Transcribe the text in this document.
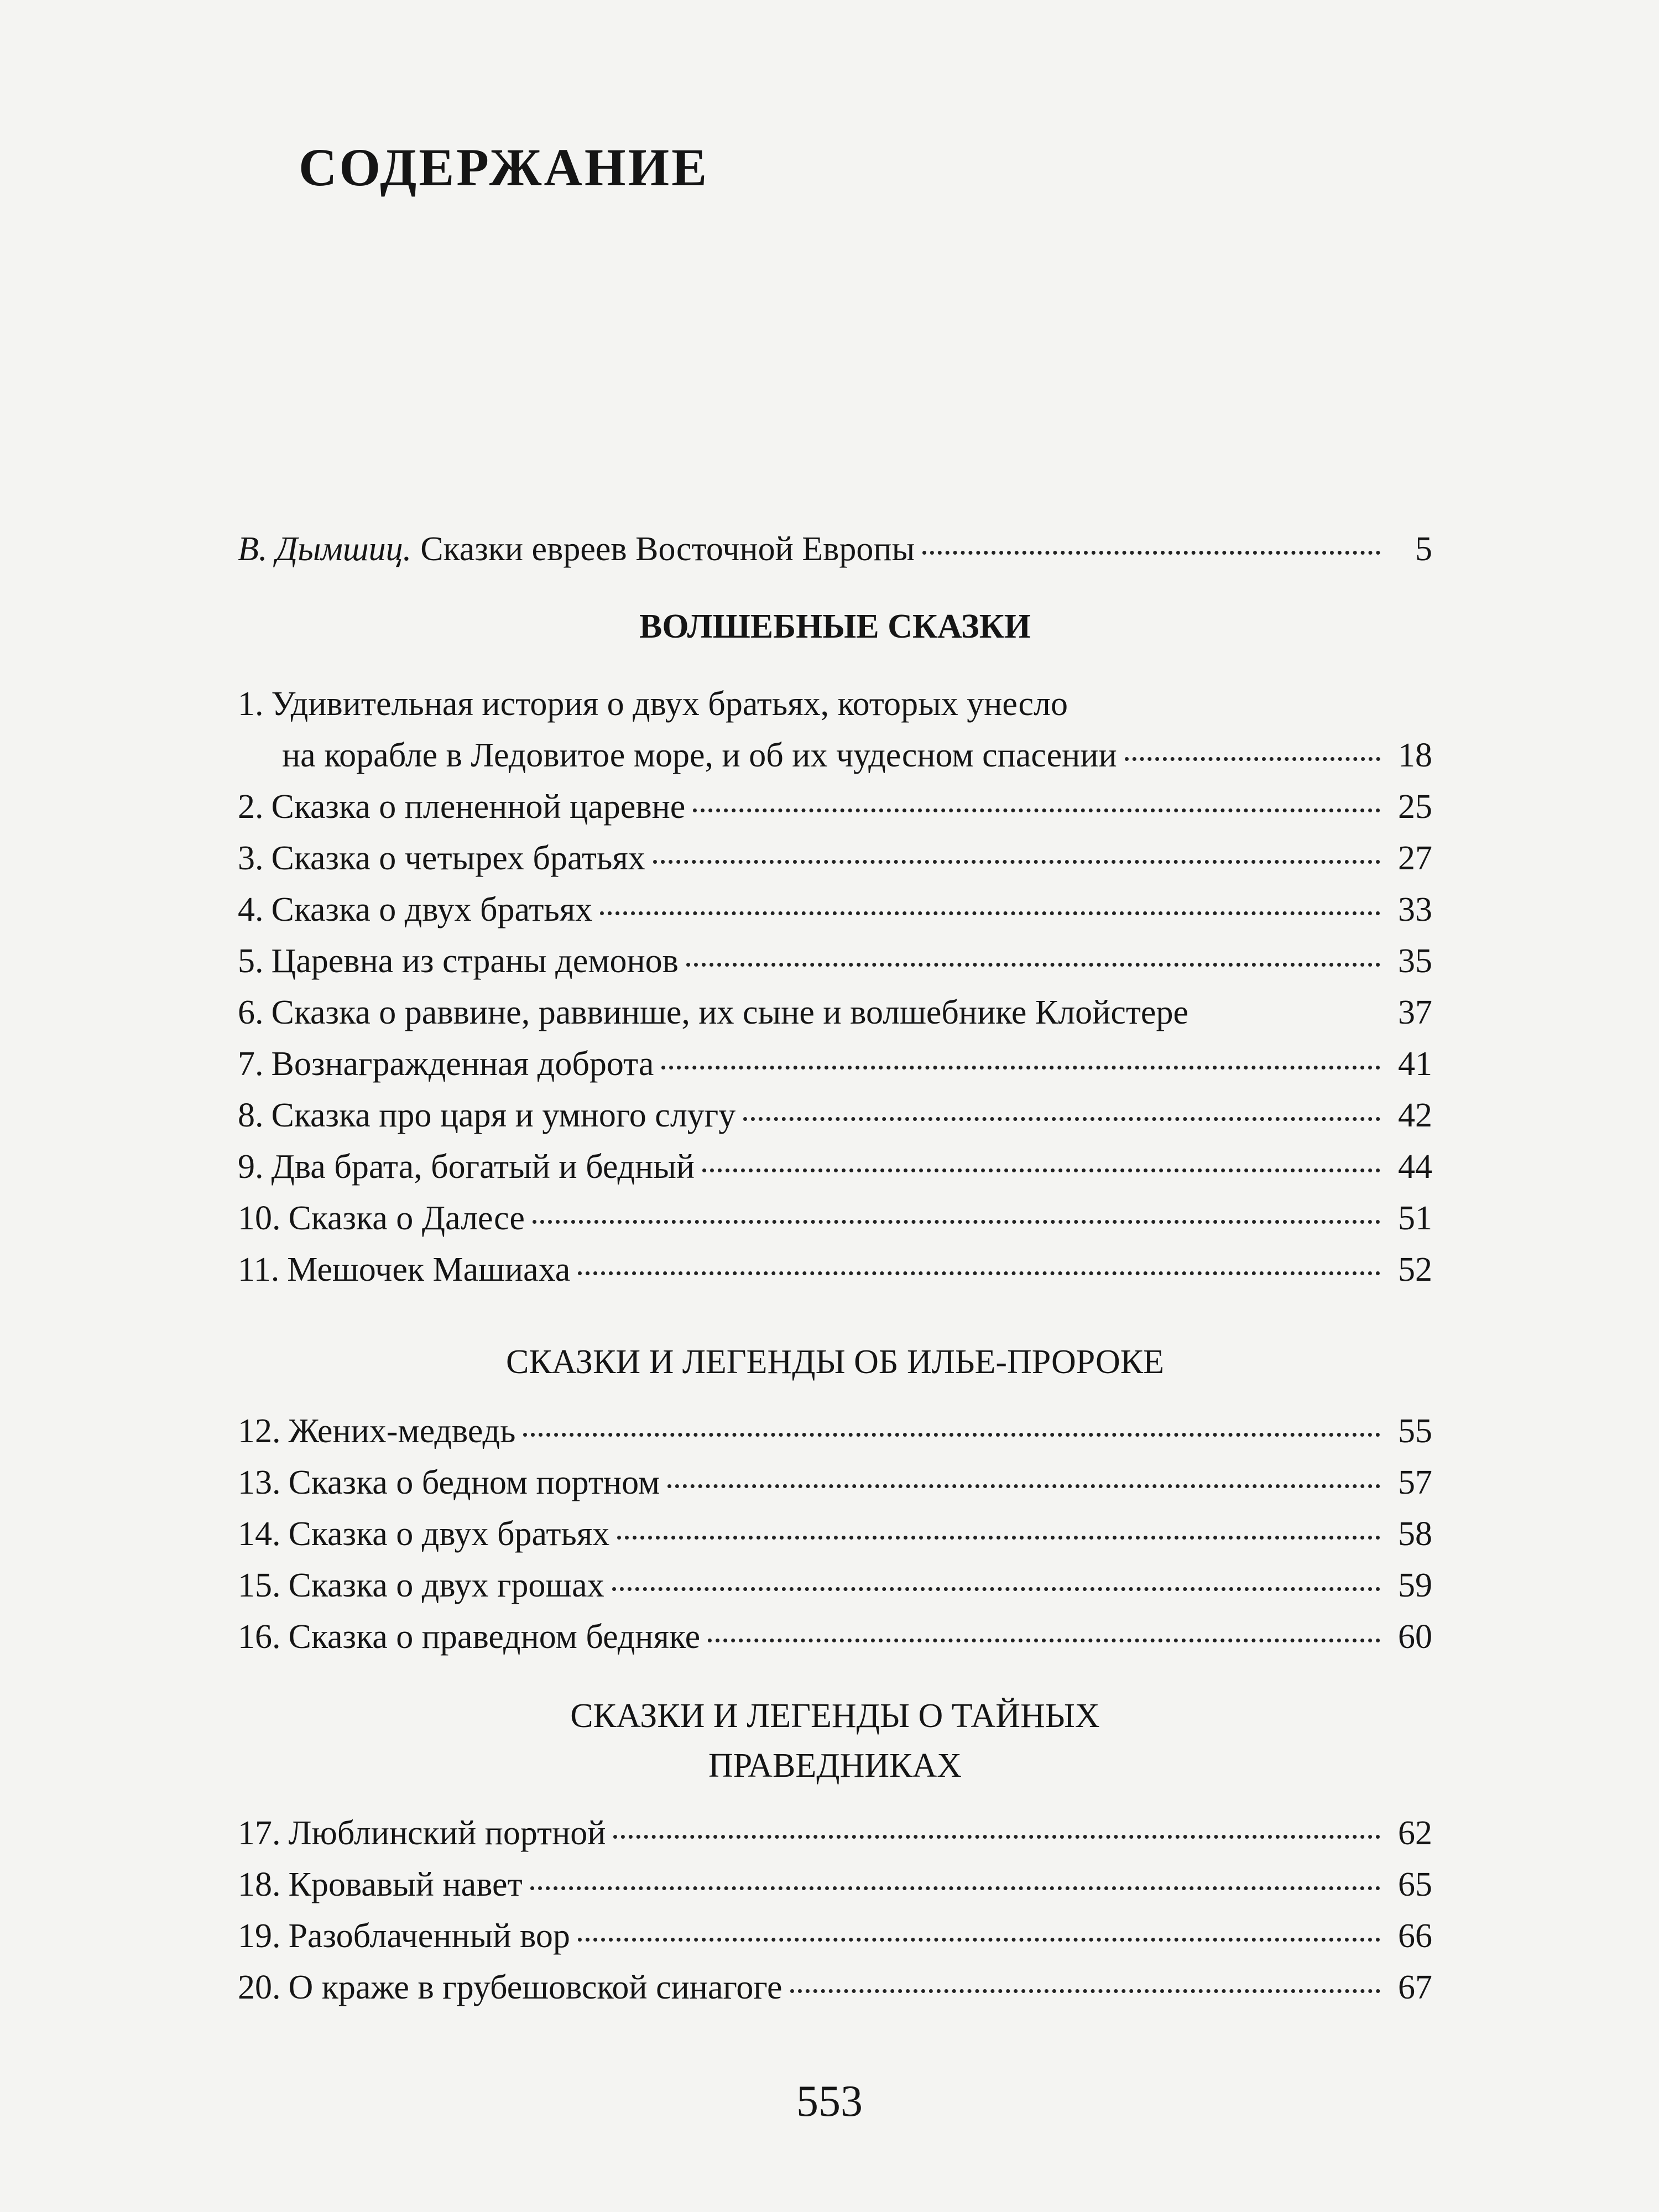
СОДЕРЖАНИЕ
В. Дымшиц. Сказки евреев Восточной Европы	5
ВОЛШЕБНЫЕ СКАЗКИ
1. Удивительная история о двух братьях, которых унесло
на корабле в Ледовитое море, и об их чудесном спасении	18
2. Сказка о плененной царевне	25
3. Сказка о четырех братьях	27
4. Сказка о двух братьях	33
5. Царевна из страны демонов	35
6. Сказка о раввине, раввинше, их сыне и волшебнике Клойстере	37
7. Вознагражденная доброта	41
8. Сказка про царя и умного слугу	42
9. Два брата, богатый и бедный	44
10. Сказка о Далесе	51
11. Мешочек Машиаха	52
СКАЗКИ И ЛЕГЕНДЫ ОБ ИЛЬЕ-ПРОРОКЕ
12. Жених-медведь	55
13. Сказка о бедном портном	57
14. Сказка о двух братьях	58
15. Сказка о двух грошах	59
16. Сказка о праведном бедняке	60
СКАЗКИ И ЛЕГЕНДЫ О ТАЙНЫХ
ПРАВЕДНИКАХ
17. Люблинский портной	62
18. Кровавый навет	65
19. Разоблаченный вор	66
20. О краже в грубешовской синагоге	67
553
